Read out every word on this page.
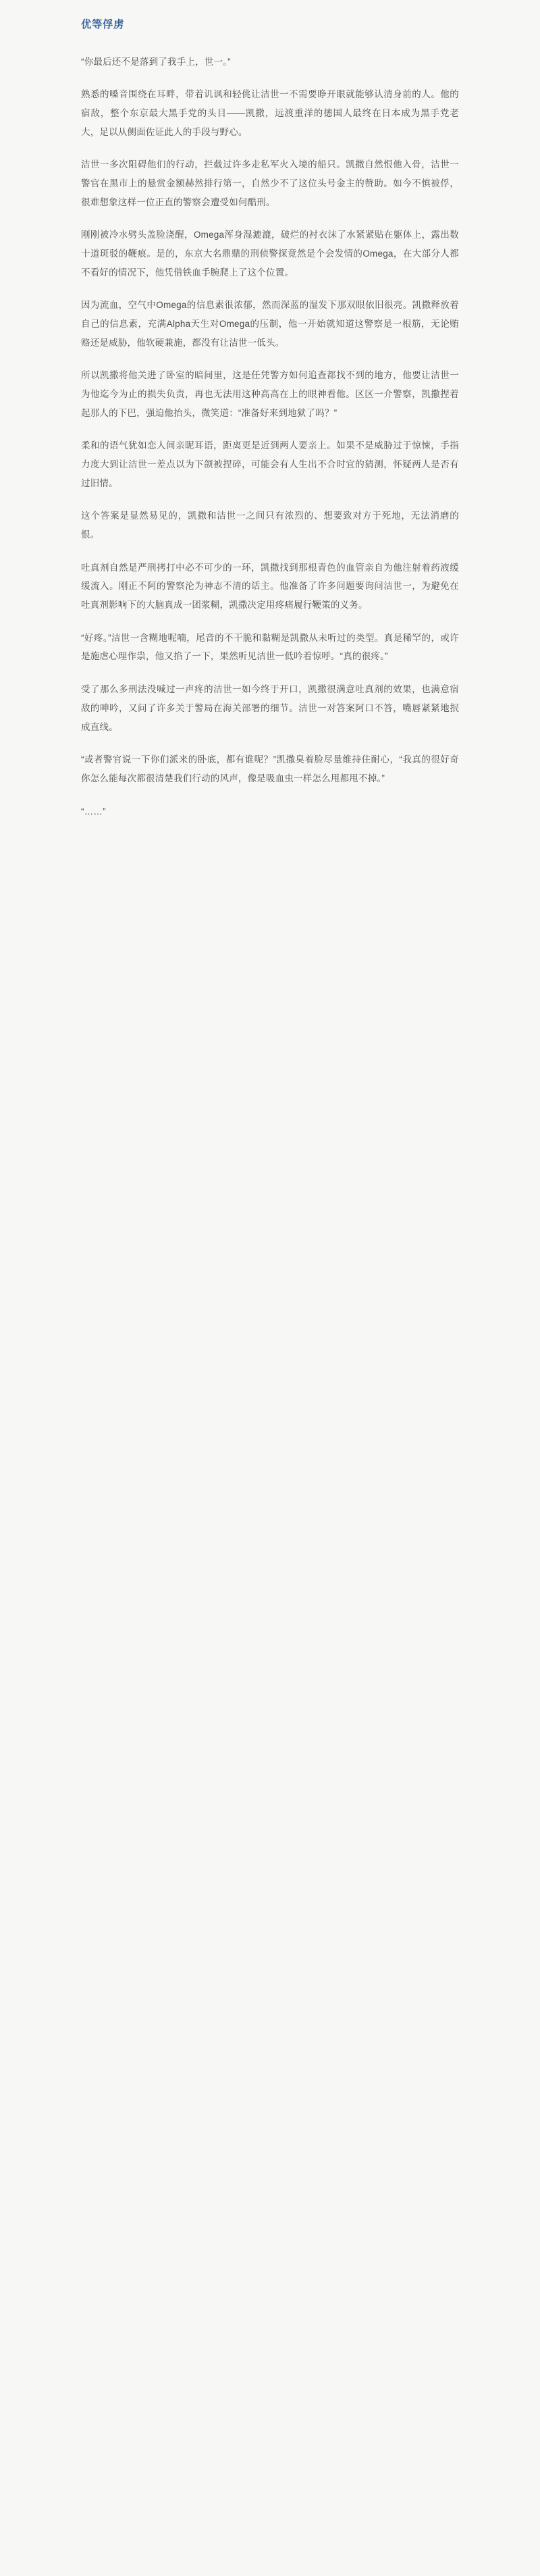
优等俘虏

“你最后还不是落到了我手上，世一。”

熟悉的嗓音围绕在耳畔，带着讥讽和轻佻让洁世一不需要睁开眼就能够认清身前的人。他的宿敌，整个东京最大黑手党的头目——凯撒，远渡重洋的德国人最终在日本成为黑手党老大，足以从侧面佐证此人的手段与野心。

洁世一多次阻碍他们的行动，拦截过许多走私军火入境的船只。凯撒自然恨他入骨，洁世一警官在黑市上的悬赏金额赫然排行第一，自然少不了这位头号金主的赞助。如今不慎被俘，很难想象这样一位正直的警察会遭受如何酷刑。

刚刚被冷水劈头盖脸浇醒，Omega浑身湿漉漉，破烂的衬衣沫了水紧紧贴在躯体上，露出数十道斑驳的鞭痕。是的，东京大名鼎鼎的刑侦警探竟然是个会发情的Omega，在大部分人都不看好的情况下，他凭借铁血手腕爬上了这个位置。

因为流血，空气中Omega的信息素很浓郁，然而深蓝的湿发下那双眼依旧很亮。凯撒释放着自己的信息素，充满Alpha天生对Omega的压制，他一开始就知道这警察是一根筋，无论贿赂还是威胁，他软硬兼施，都没有让洁世一低头。

所以凯撒将他关进了卧室的暗间里，这是任凭警方如何追查都找不到的地方，他要让洁世一为他迄今为止的损失负责，再也无法用这种高高在上的眼神看他。区区一介警察，凯撒捏着起那人的下巴，强迫他抬头，微笑道：“准备好来到地狱了吗？”

柔和的语气犹如恋人间亲昵耳语，距离更是近到两人要亲上。如果不是威胁过于惊悚，手指力度大到让洁世一差点以为下颌被捏碎，可能会有人生出不合时宜的猜测，怀疑两人是否有过旧情。

这个答案是显然易见的，凯撒和洁世一之间只有浓烈的、想要致对方于死地，无法消磨的恨。

吐真剂自然是严刑拷打中必不可少的一环，凯撒找到那根青色的血管亲自为他注射着药液缓缓流入。刚正不阿的警察沦为神志不清的话主。他准备了许多问题要询问洁世一，为避免在吐真剂影响下的大脑真成一团浆糊，凯撒决定用疼痛履行鞭策的义务。

“好疼。”洁世一含糊地呢喃，尾音的不干脆和黏糊是凯撒从未听过的类型。真是稀罕的，或许是施虐心理作祟，他又掐了一下，果然听见洁世一低吟着惊呼。“真的很疼。”

受了那么多刑法没喊过一声疼的洁世一如今终于开口，凯撒很满意吐真剂的效果，也满意宿敌的呻吟，又问了许多关于警局在海关部署的细节。洁世一对答案阿口不答，嘴唇紧紧地抿成直线。

“或者警官说一下你们派来的卧底，都有谁呢？”凯撒臭着脸尽量维持住耐心，“我真的很好奇你怎么能每次都很清楚我们行动的风声，像是吸血虫一样怎么甩都甩不掉。”

“……”
